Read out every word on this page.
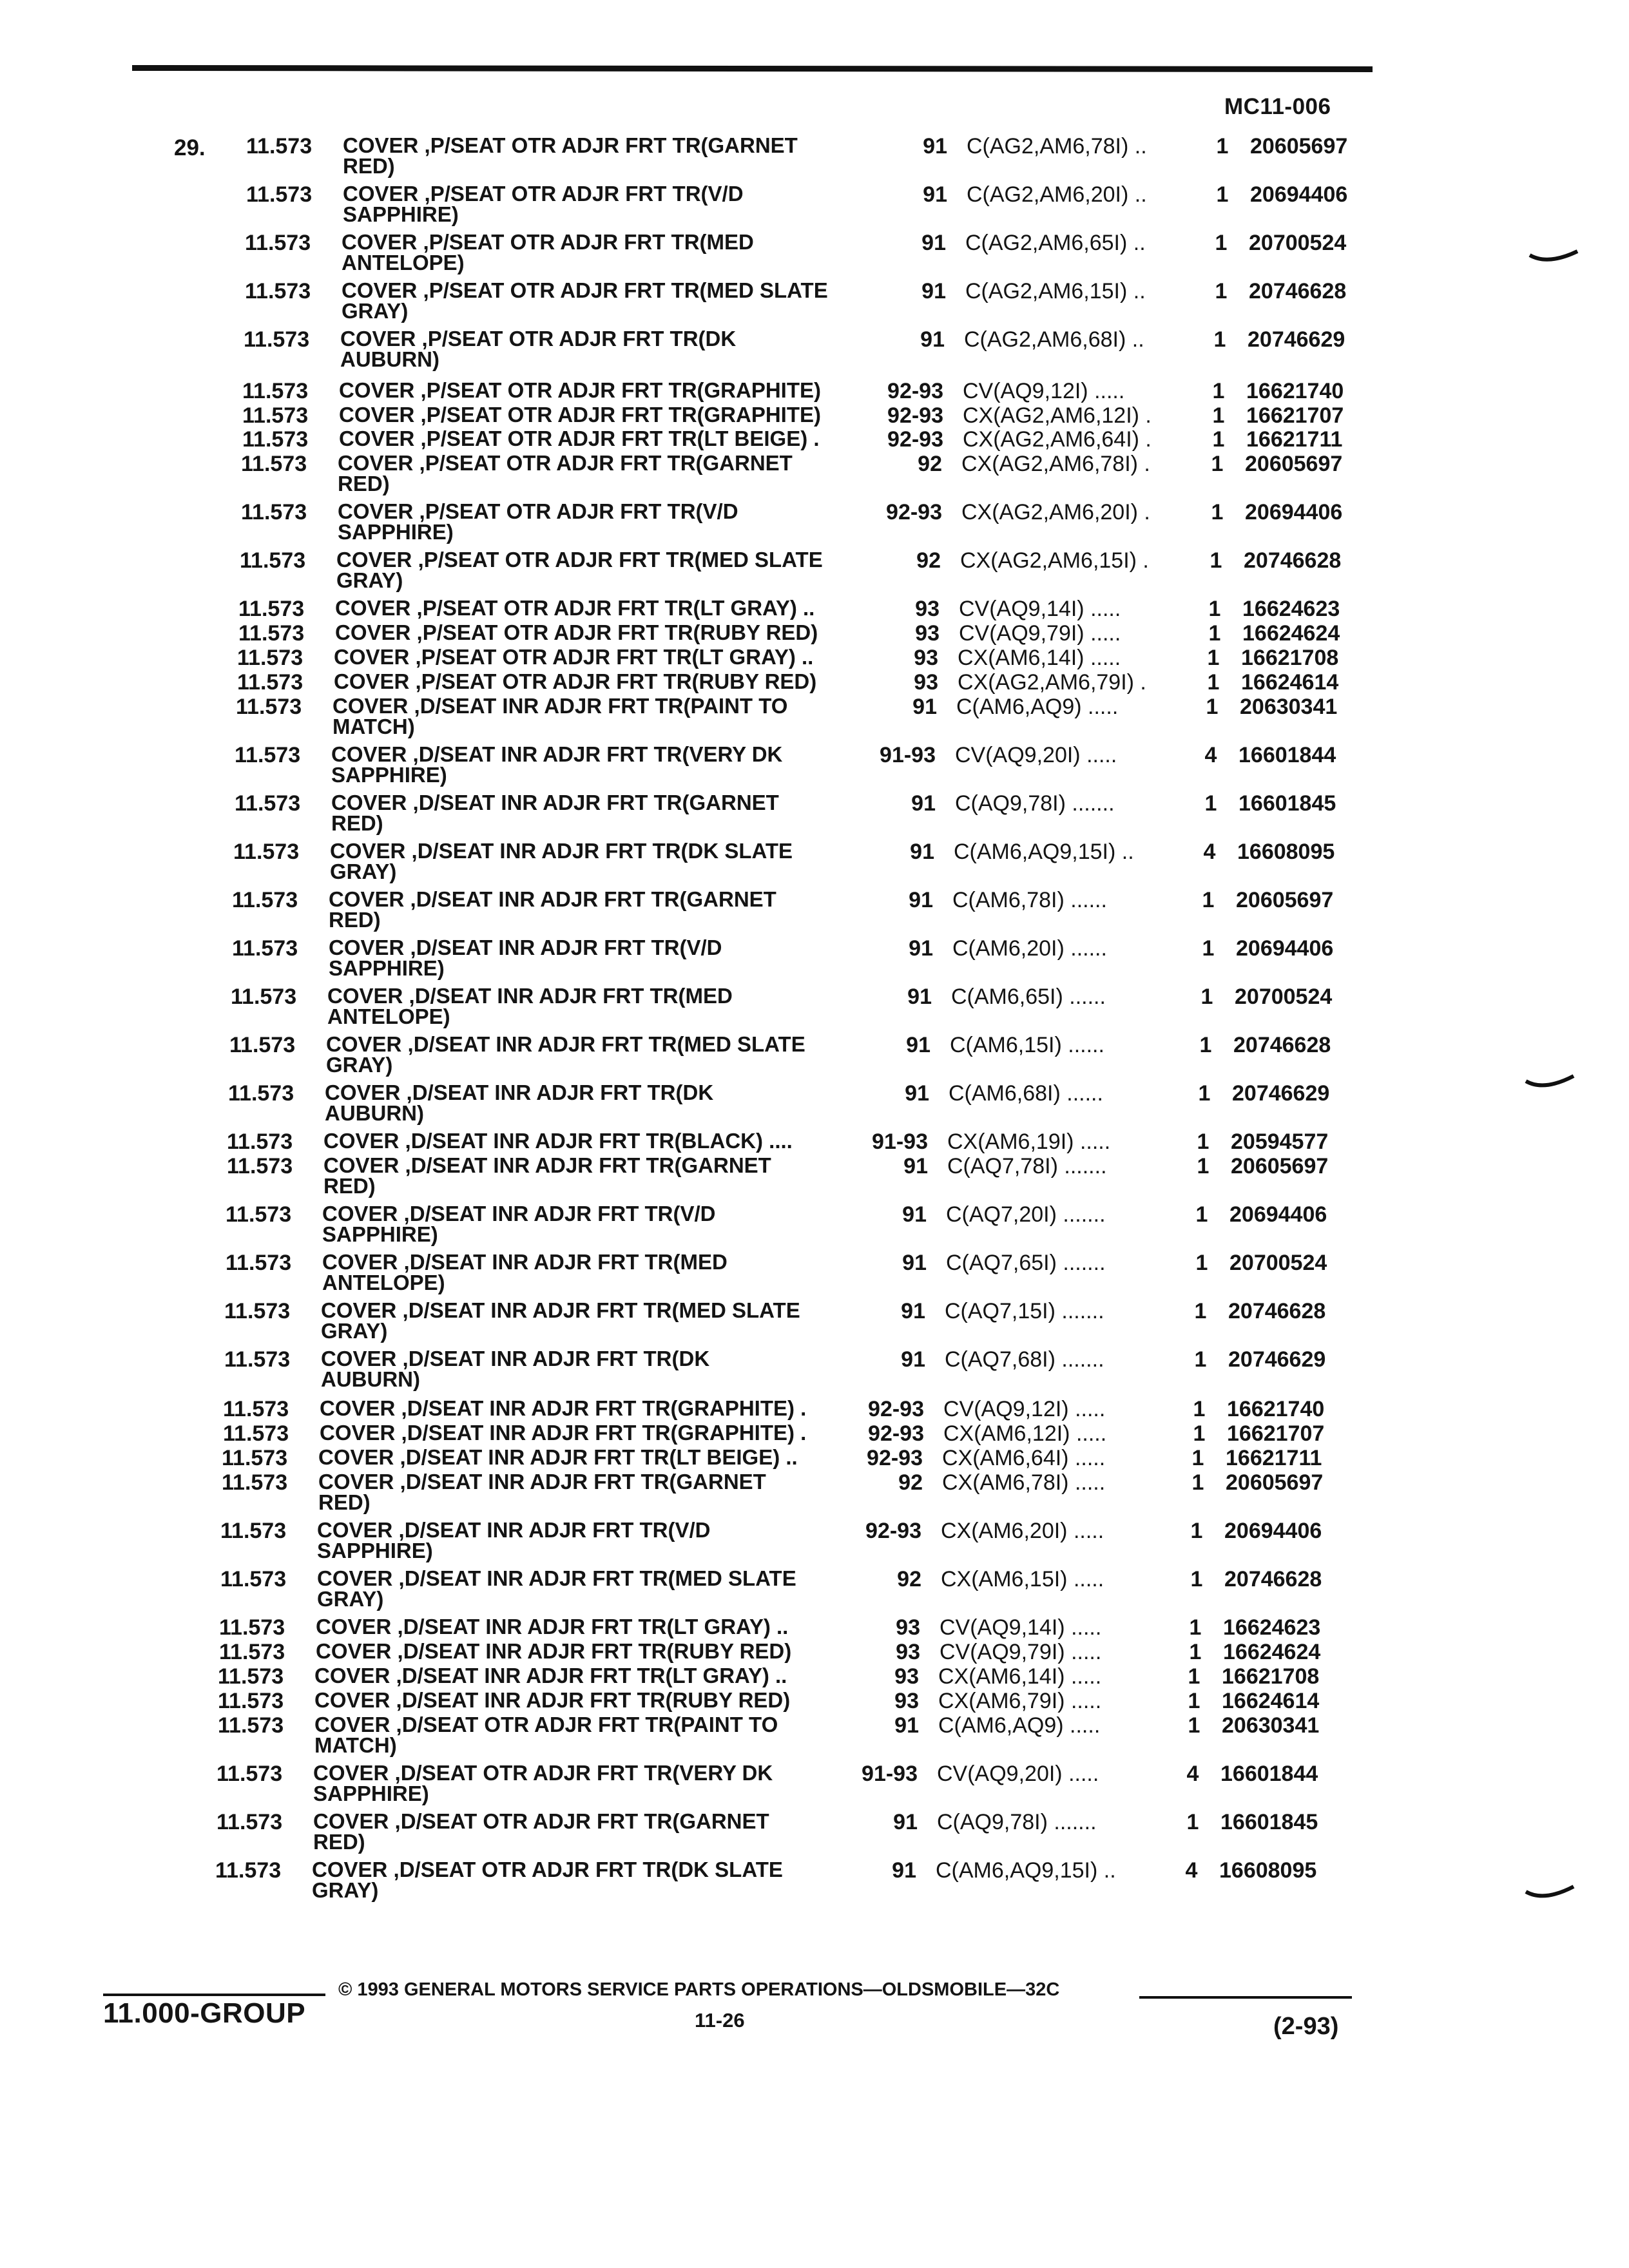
MC11-006
29. 11.573 COVER ,P/SEAT OTR ADJR FRT TR(GARNET
RED)
91 C(AG2,AM6,78I) ..	1 20605697
11.573 COVER ,P/SEAT OTR ADJR FRT TR(V/D
SAPPHIRE)
91 C(AG2,AM6,20I) ..	1 20694406
11.573 COVER ,P/SEAT OTR ADJR FRT TR(MED
ANTELOPE)
91 C(AG2,AM6,65I) ..	1 20700524
11.573 COVER ,P/SEAT OTR ADJR FRT TR(MED SLATE
GRAY)
91 C(AG2,AM6,15I) ..	1 20746628
11.573 COVER ,P/SEAT OTR ADJR FRT TR(DK
AUBURN)
91 C(AG2,AM6,68I) ..	1 20746629
11.573 COVER ,P/SEAT OTR ADJR FRT TR(GRAPHITE)	92-93 CV(AQ9,12I) .....	1 16621740
11.573 COVER ,P/SEAT OTR ADJR FRT TR(GRAPHITE)	92-93 CX(AG2,AM6,12I) .	1 16621707
11.573 COVER ,P/SEAT OTR ADJR FRT TR(LT BEIGE) .	92-93 CX(AG2,AM6,64I) .	1 16621711
11.573 COVER ,P/SEAT OTR ADJR FRT TR(GARNET
RED)
92 CX(AG2,AM6,78I) .	1 20605697
11.573 COVER ,P/SEAT OTR ADJR FRT TR(V/D
SAPPHIRE)
92-93 CX(AG2,AM6,20I) .	1 20694406
11.573 COVER ,P/SEAT OTR ADJR FRT TR(MED SLATE
GRAY)
92 CX(AG2,AM6,15I) .	1 20746628
11.573 COVER ,P/SEAT OTR ADJR FRT TR(LT GRAY) ..	93 CV(AQ9,14I) .....	1 16624623
11.573 COVER ,P/SEAT OTR ADJR FRT TR(RUBY RED)	93 CV(AQ9,79I) .....	1 16624624
11.573 COVER ,P/SEAT OTR ADJR FRT TR(LT GRAY) ..	93 CX(AM6,14I) .....	1 16621708
11.573 COVER ,P/SEAT OTR ADJR FRT TR(RUBY RED)	93 CX(AG2,AM6,79I) .	1 16624614
11.573 COVER ,D/SEAT INR ADJR FRT TR(PAINT TO
MATCH)
91 C(AM6,AQ9) .....	1 20630341
11.573 COVER ,D/SEAT INR ADJR FRT TR(VERY DK
SAPPHIRE)
91-93 CV(AQ9,20I) .....	4 16601844
11.573 COVER ,D/SEAT INR ADJR FRT TR(GARNET
RED)
91 C(AQ9,78I) .......	1 16601845
11.573 COVER ,D/SEAT INR ADJR FRT TR(DK SLATE
GRAY)
91 C(AM6,AQ9,15I) ..	4 16608095
11.573 COVER ,D/SEAT INR ADJR FRT TR(GARNET
RED)
91 C(AM6,78I) ......	1 20605697
11.573 COVER ,D/SEAT INR ADJR FRT TR(V/D
SAPPHIRE)
91 C(AM6,20I) ......	1 20694406
11.573 COVER ,D/SEAT INR ADJR FRT TR(MED
ANTELOPE)
91 C(AM6,65I) ......	1 20700524
11.573 COVER ,D/SEAT INR ADJR FRT TR(MED SLATE
GRAY)
91 C(AM6,15I) ......	1 20746628
11.573 COVER ,D/SEAT INR ADJR FRT TR(DK
AUBURN)
91 C(AM6,68I) ......	1 20746629
11.573 COVER ,D/SEAT INR ADJR FRT TR(BLACK) ....	91-93 CX(AM6,19I) .....	1 20594577
11.573 COVER ,D/SEAT INR ADJR FRT TR(GARNET
RED)
91 C(AQ7,78I) .......	1 20605697
11.573 COVER ,D/SEAT INR ADJR FRT TR(V/D
SAPPHIRE)
91 C(AQ7,20I) .......	1 20694406
11.573 COVER ,D/SEAT INR ADJR FRT TR(MED
ANTELOPE)
91 C(AQ7,65I) .......	1 20700524
11.573 COVER ,D/SEAT INR ADJR FRT TR(MED SLATE
GRAY)
91 C(AQ7,15I) .......	1 20746628
11.573 COVER ,D/SEAT INR ADJR FRT TR(DK
AUBURN)
91 C(AQ7,68I) .......	1 20746629
11.573 COVER ,D/SEAT INR ADJR FRT TR(GRAPHITE) .	92-93 CV(AQ9,12I) .....	1 16621740
11.573 COVER ,D/SEAT INR ADJR FRT TR(GRAPHITE) .	92-93 CX(AM6,12I) .....	1 16621707
11.573 COVER ,D/SEAT INR ADJR FRT TR(LT BEIGE) ..	92-93 CX(AM6,64I) .....	1 16621711
11.573 COVER ,D/SEAT INR ADJR FRT TR(GARNET
RED)
92 CX(AM6,78I) .....	1 20605697
11.573 COVER ,D/SEAT INR ADJR FRT TR(V/D
SAPPHIRE)
92-93 CX(AM6,20I) .....	1 20694406
11.573 COVER ,D/SEAT INR ADJR FRT TR(MED SLATE
GRAY)
92 CX(AM6,15I) .....	1 20746628
11.573 COVER ,D/SEAT INR ADJR FRT TR(LT GRAY) ..	93 CV(AQ9,14I) .....	1 16624623
11.573 COVER ,D/SEAT INR ADJR FRT TR(RUBY RED)	93 CV(AQ9,79I) .....	1 16624624
11.573 COVER ,D/SEAT INR ADJR FRT TR(LT GRAY) ..	93 CX(AM6,14I) .....	1 16621708
11.573 COVER ,D/SEAT INR ADJR FRT TR(RUBY RED)	93 CX(AM6,79I) .....	1 16624614
11.573 COVER ,D/SEAT OTR ADJR FRT TR(PAINT TO
MATCH)
91 C(AM6,AQ9) .....	1 20630341
11.573 COVER ,D/SEAT OTR ADJR FRT TR(VERY DK
SAPPHIRE)
91-93 CV(AQ9,20I) .....	4 16601844
11.573 COVER ,D/SEAT OTR ADJR FRT TR(GARNET
RED)
91 C(AQ9,78I) .......	1 16601845
11.573 COVER ,D/SEAT OTR ADJR FRT TR(DK SLATE
GRAY)
91 C(AM6,AQ9,15I) ..	4 16608095
11.000-GROUP
© 1993 GENERAL MOTORS SERVICE PARTS OPERATIONS—OLDSMOBILE—32C
11-26	(2-93)
